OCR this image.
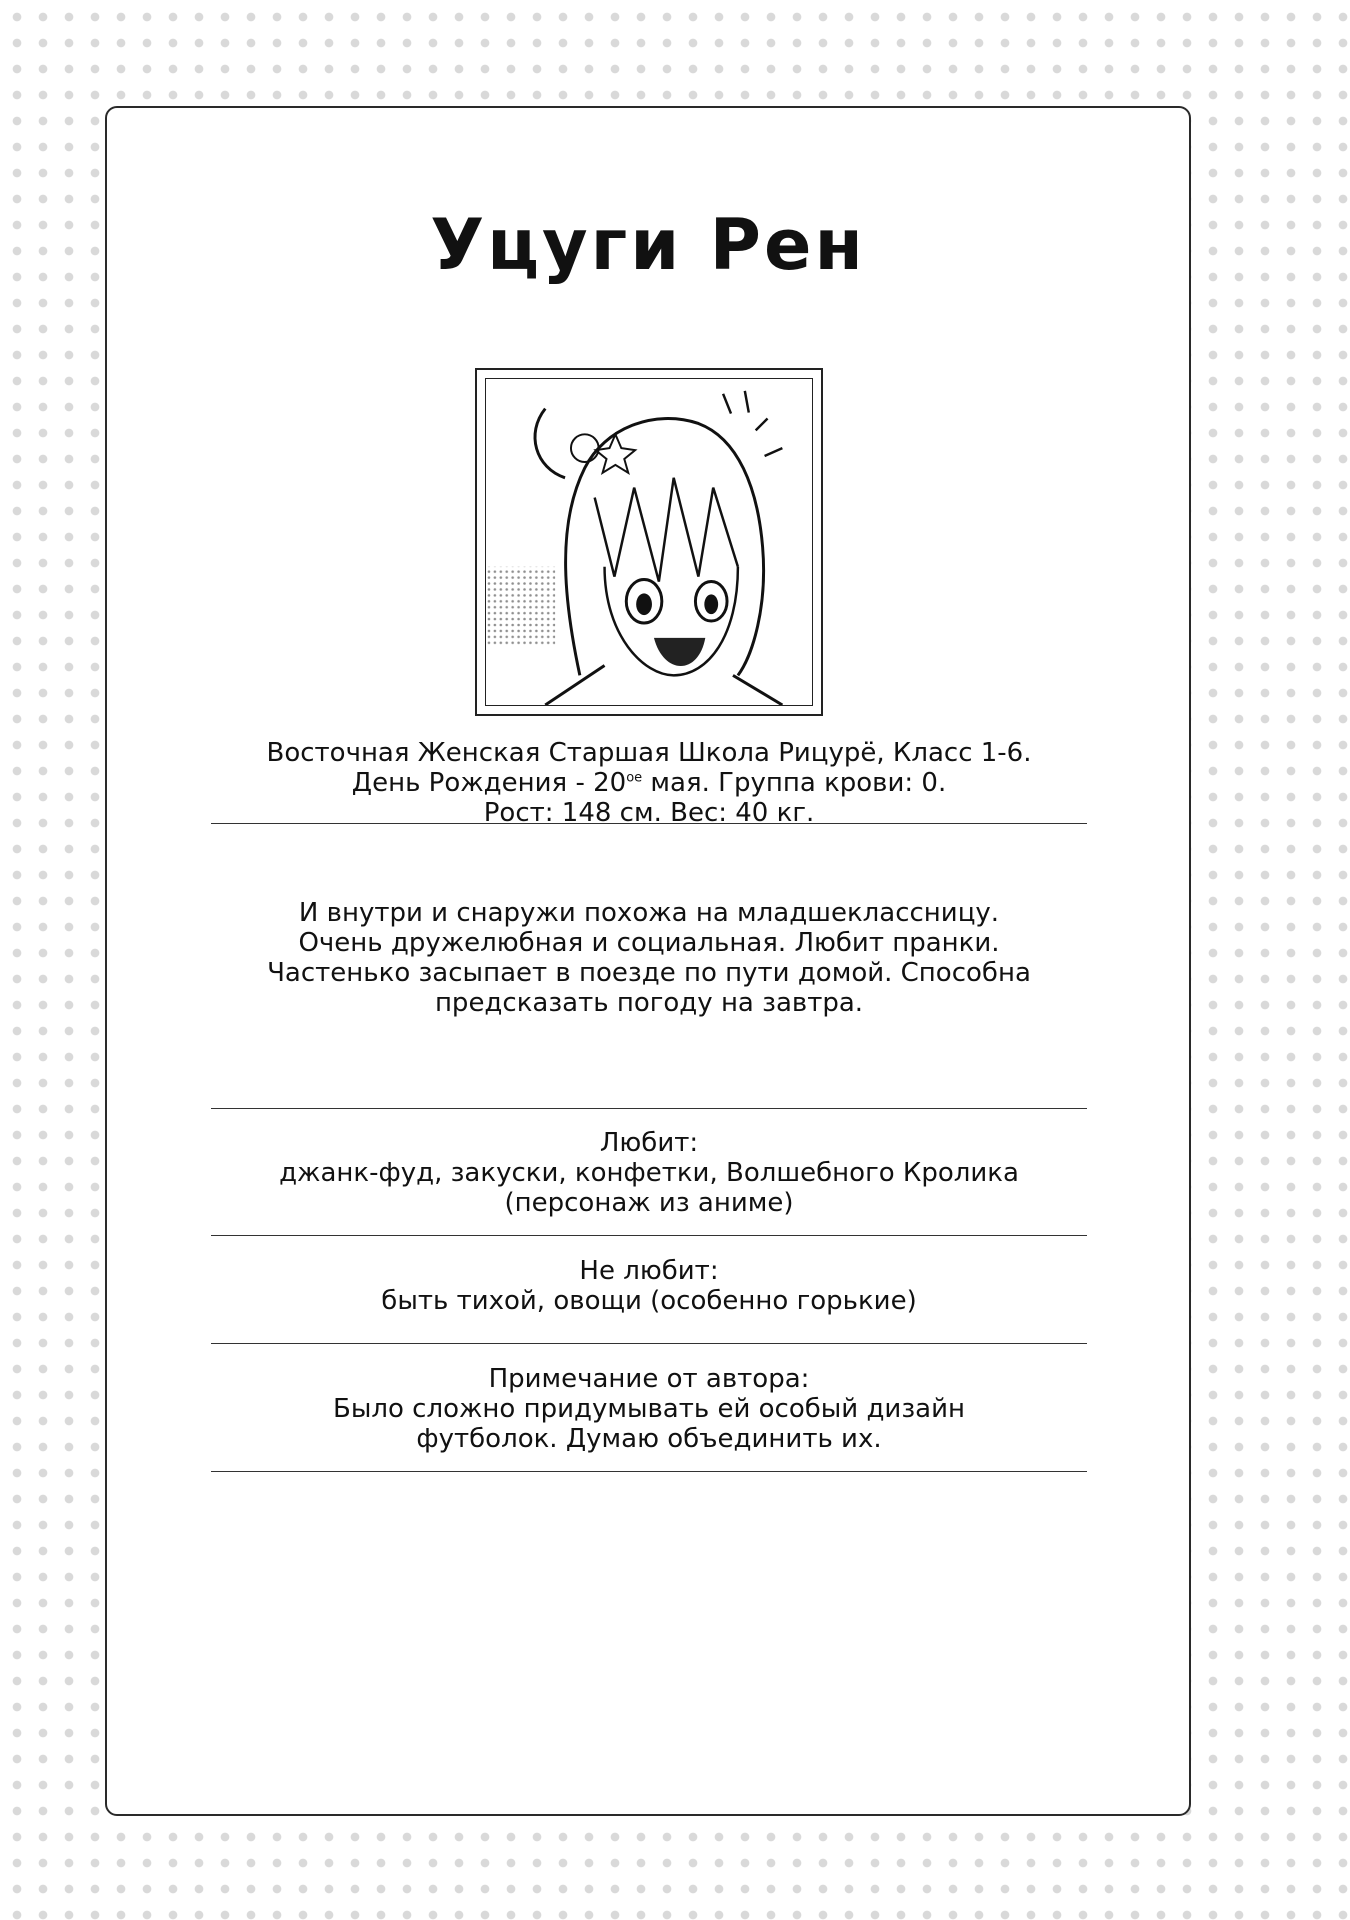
Уцуги Рен
Восточная Женская Старшая Школа Рицурё, Класс 1-6.
День Рождения - $20^{ое}$ мая. Группа крови: 0.
Рост: 148 см. Вес: 40 кг.
И внутри и снаружи похожа на младшеклассницу.
Очень дружелюбная и социальная. Любит пранки.
Частенько засыпает в поезде по пути домой. Способна
предсказать погоду на завтра.
Любит:
джанк-фуд, закуски, конфетки, Волшебного Кролика
(персонаж из аниме)
Не любит:
быть тихой, овощи (особенно горькие)
Примечание от автора:
Было сложно придумывать ей особый дизайн
футболок. Думаю объединить их.
